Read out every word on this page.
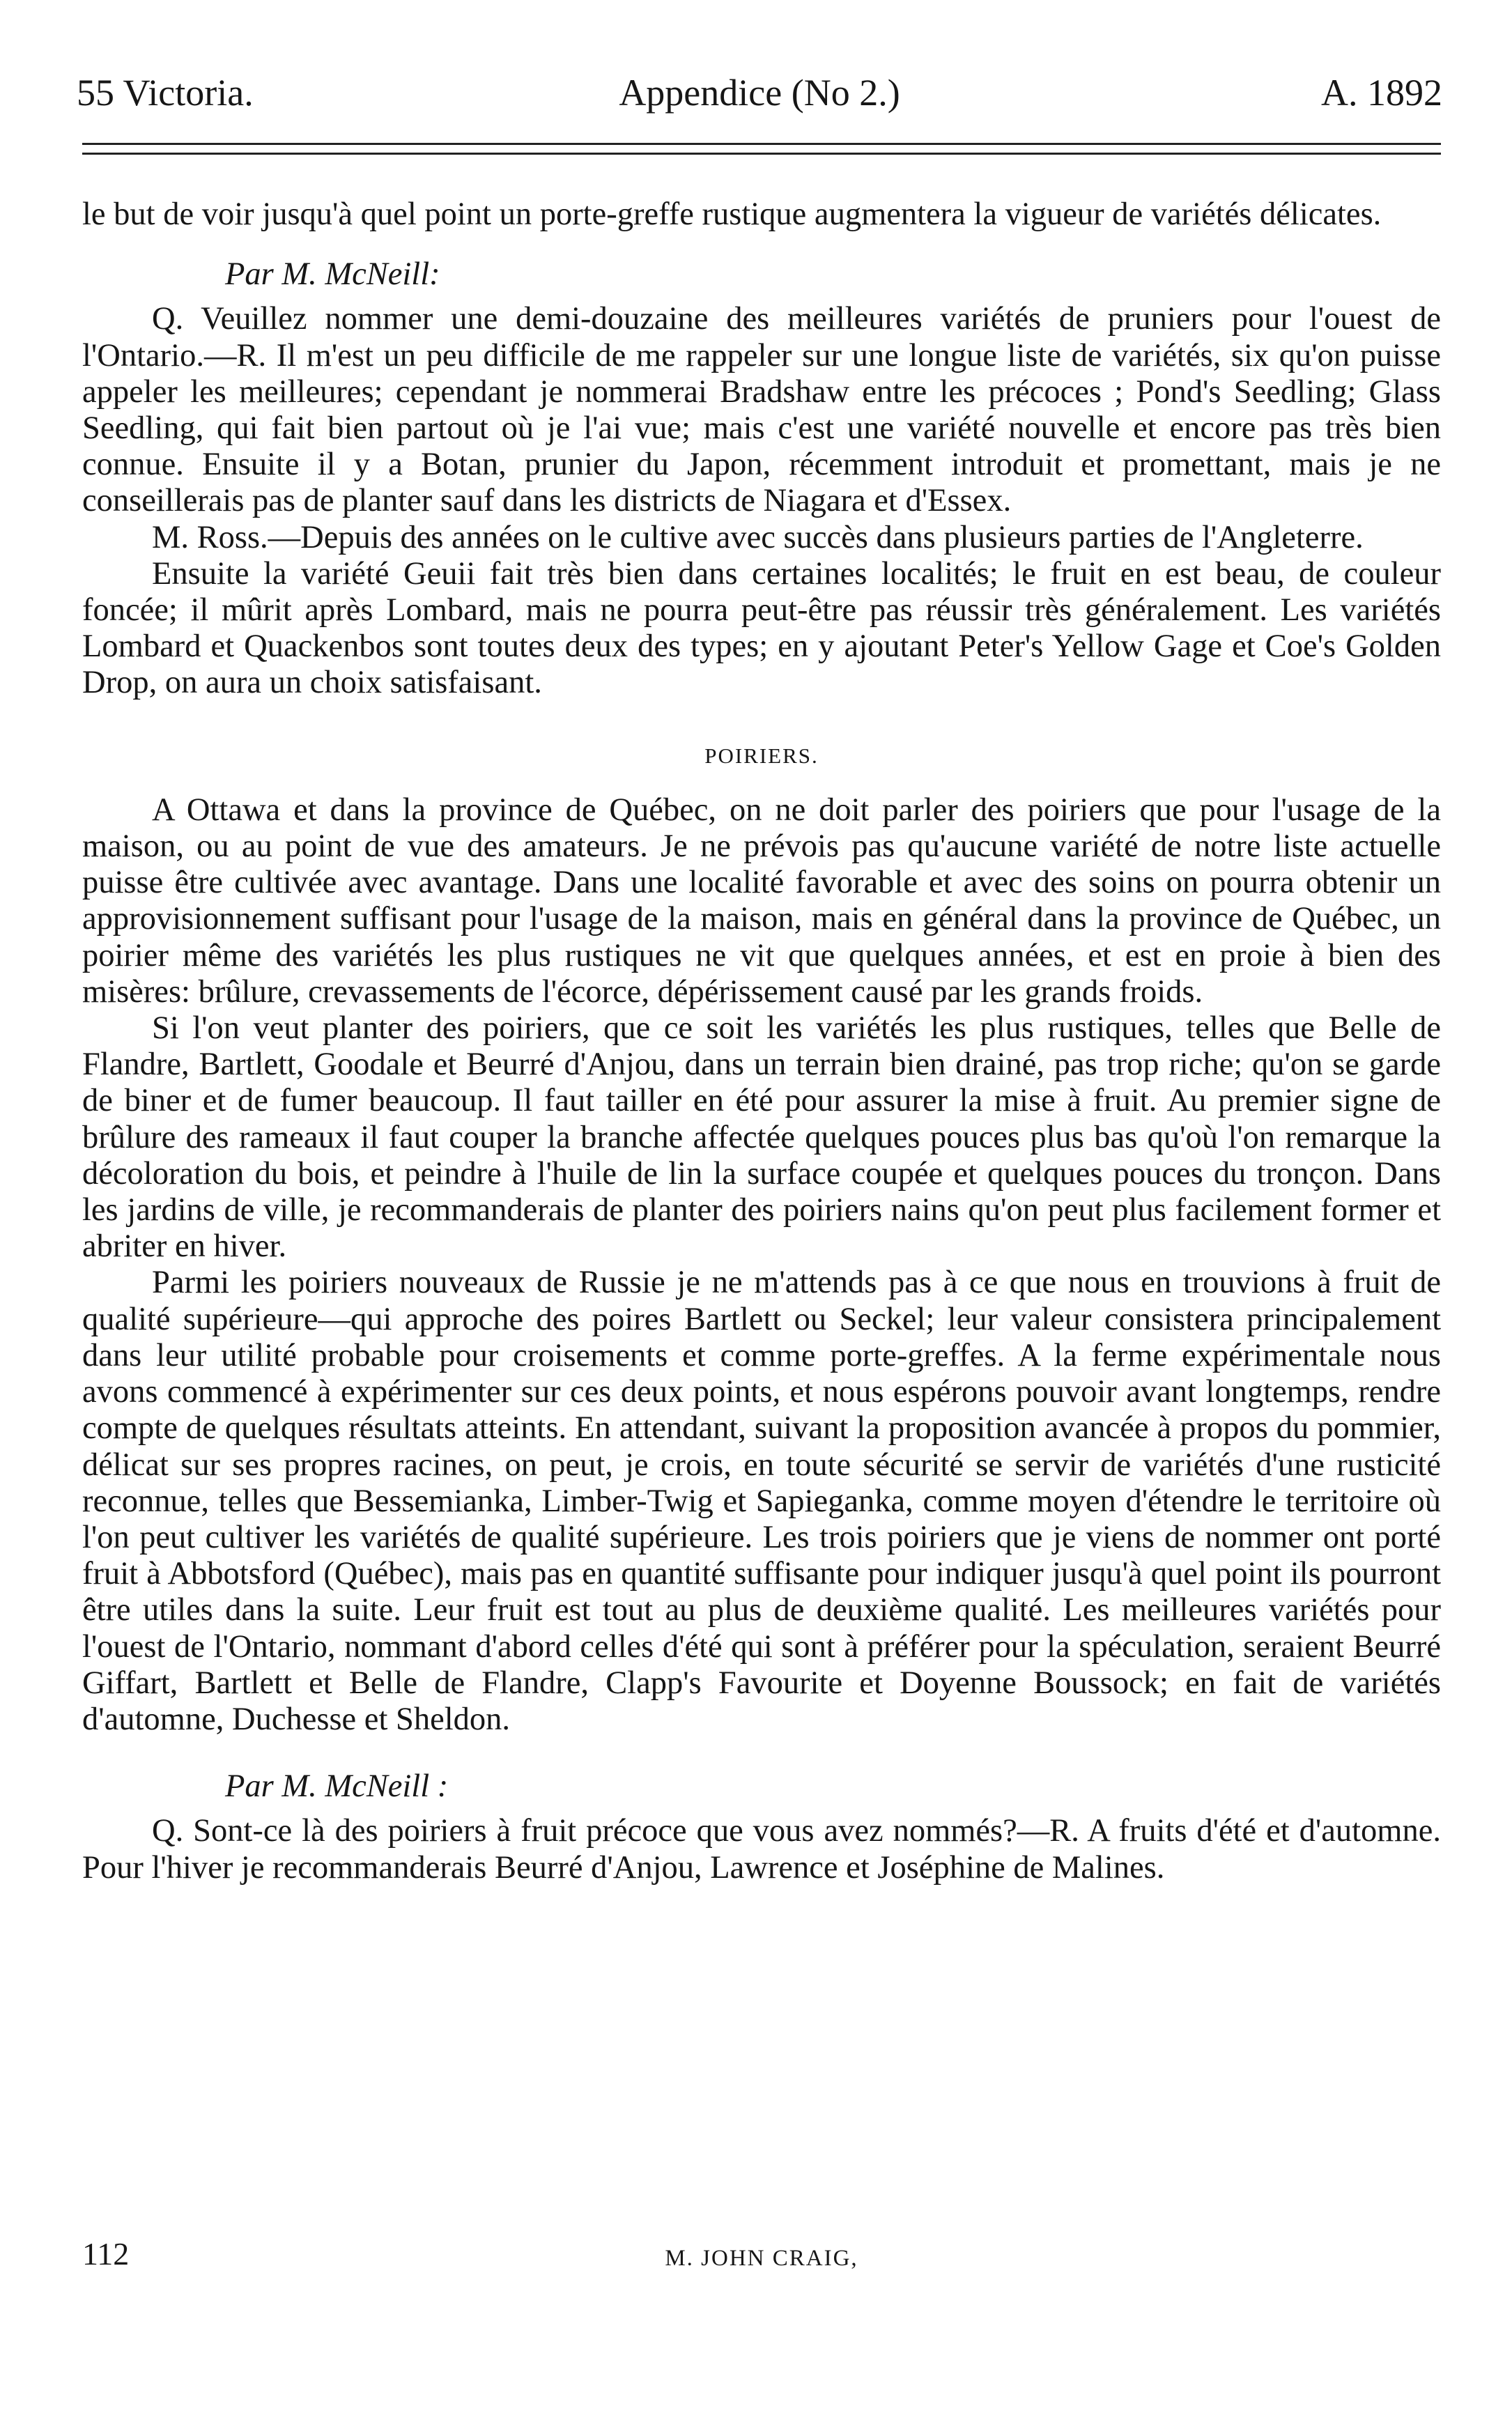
55 Victoria.	Appendice (No 2.)	A. 1892

le but de voir jusqu'à quel point un porte-greffe rustique augmentera la vigueur de variétés délicates.

Par M. McNeill:

Q. Veuillez nommer une demi-douzaine des meilleures variétés de pruniers pour l'ouest de l'Ontario.—R. Il m'est un peu difficile de me rappeler sur une longue liste de variétés, six qu'on puisse appeler les meilleures; cependant je nommerai Bradshaw entre les précoces ; Pond's Seedling; Glass Seedling, qui fait bien partout où je l'ai vue; mais c'est une variété nouvelle et encore pas très bien connue. Ensuite il y a Botan, prunier du Japon, récemment introduit et promettant, mais je ne conseillerais pas de planter sauf dans les districts de Niagara et d'Essex.

M. Ross.—Depuis des années on le cultive avec succès dans plusieurs parties de l'Angleterre.

Ensuite la variété Geuii fait très bien dans certaines localités; le fruit en est beau, de couleur foncée; il mûrit après Lombard, mais ne pourra peut-être pas réussir très généralement. Les variétés Lombard et Quackenbos sont toutes deux des types; en y ajoutant Peter's Yellow Gage et Coe's Golden Drop, on aura un choix satisfaisant.

POIRIERS.

A Ottawa et dans la province de Québec, on ne doit parler des poiriers que pour l'usage de la maison, ou au point de vue des amateurs. Je ne prévois pas qu'aucune variété de notre liste actuelle puisse être cultivée avec avantage. Dans une localité favorable et avec des soins on pourra obtenir un approvisionnement suffisant pour l'usage de la maison, mais en général dans la province de Québec, un poirier même des variétés les plus rustiques ne vit que quelques années, et est en proie à bien des misères: brûlure, crevassements de l'écorce, dépérissement causé par les grands froids.

Si l'on veut planter des poiriers, que ce soit les variétés les plus rustiques, telles que Belle de Flandre, Bartlett, Goodale et Beurré d'Anjou, dans un terrain bien drainé, pas trop riche; qu'on se garde de biner et de fumer beaucoup. Il faut tailler en été pour assurer la mise à fruit. Au premier signe de brûlure des rameaux il faut couper la branche affectée quelques pouces plus bas qu'où l'on remarque la décoloration du bois, et peindre à l'huile de lin la surface coupée et quelques pouces du tronçon. Dans les jardins de ville, je recommanderais de planter des poiriers nains qu'on peut plus facilement former et abriter en hiver.

Parmi les poiriers nouveaux de Russie je ne m'attends pas à ce que nous en trouvions à fruit de qualité supérieure—qui approche des poires Bartlett ou Seckel; leur valeur consistera principalement dans leur utilité probable pour croisements et comme porte-greffes. A la ferme expérimentale nous avons commencé à expérimenter sur ces deux points, et nous espérons pouvoir avant longtemps, rendre compte de quelques résultats atteints. En attendant, suivant la proposition avancée à propos du pommier, délicat sur ses propres racines, on peut, je crois, en toute sécurité se servir de variétés d'une rusticité reconnue, telles que Bessemianka, Limber-Twig et Sapieganka, comme moyen d'étendre le territoire où l'on peut cultiver les variétés de qualité supérieure. Les trois poiriers que je viens de nommer ont porté fruit à Abbotsford (Québec), mais pas en quantité suffisante pour indiquer jusqu'à quel point ils pourront être utiles dans la suite. Leur fruit est tout au plus de deuxième qualité. Les meilleures variétés pour l'ouest de l'Ontario, nommant d'abord celles d'été qui sont à préférer pour la spéculation, seraient Beurré Giffart, Bartlett et Belle de Flandre, Clapp's Favourite et Doyenne Boussock; en fait de variétés d'automne, Duchesse et Sheldon.

Par M. McNeill :

Q. Sont-ce là des poiriers à fruit précoce que vous avez nommés?—R. A fruits d'été et d'automne. Pour l'hiver je recommanderais Beurré d'Anjou, Lawrence et Joséphine de Malines.

112	M. JOHN CRAIG,
